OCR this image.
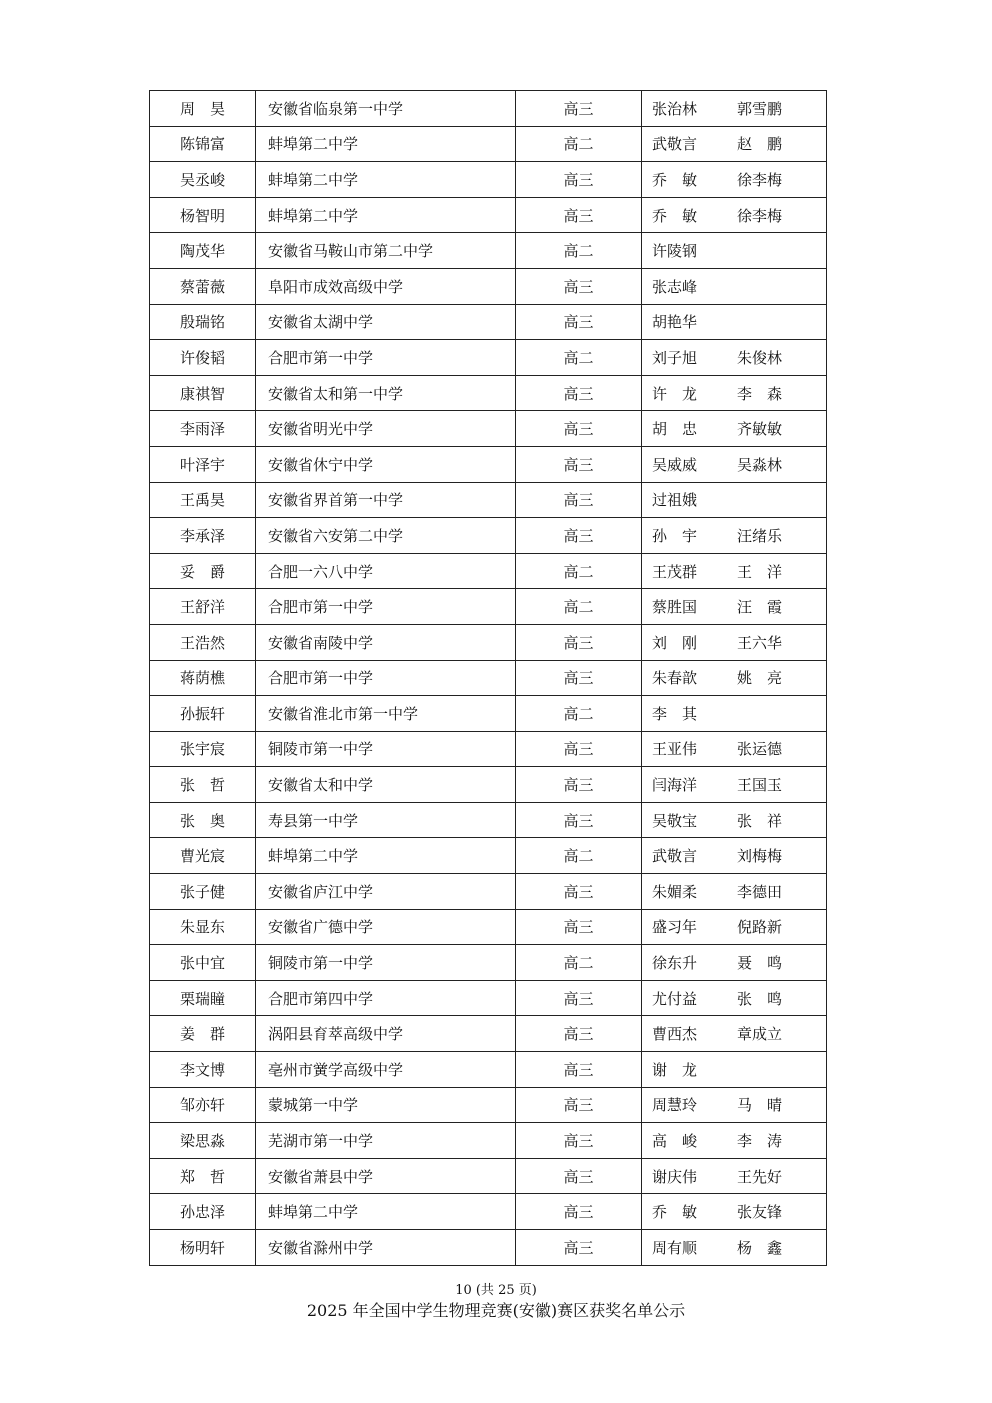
周　昊	安徽省临泉第一中学	高三	张治林 郭雪鹏
陈锦富	蚌埠第二中学	高二	武敬言 赵　鹏
吴丞峻	蚌埠第二中学	高三	乔　敏 徐李梅
杨智明	蚌埠第二中学	高三	乔　敏 徐李梅
陶茂华	安徽省马鞍山市第二中学	高二	许陵钢
蔡蕾薇	阜阳市成效高级中学	高三	张志峰
殷瑞铭	安徽省太湖中学	高三	胡艳华
许俊韬	合肥市第一中学	高二	刘子旭 朱俊林
康祺智	安徽省太和第一中学	高三	许　龙 李　森
李雨泽	安徽省明光中学	高三	胡　忠 齐敏敏
叶泽宇	安徽省休宁中学	高三	吴威威 吴淼林
王禹昊	安徽省界首第一中学	高三	过祖娥
李承泽	安徽省六安第二中学	高三	孙　宇 汪绪乐
妥　爵	合肥一六八中学	高二	王茂群 王　洋
王舒洋	合肥市第一中学	高二	蔡胜国 汪　霞
王浩然	安徽省南陵中学	高三	刘　刚 王六华
蒋荫樵	合肥市第一中学	高三	朱春歆 姚　亮
孙振轩	安徽省淮北市第一中学	高二	李　其
张宇宸	铜陵市第一中学	高三	王亚伟 张运德
张　哲	安徽省太和中学	高三	闫海洋 王国玉
张　奥	寿县第一中学	高三	吴敬宝 张　祥
曹光宸	蚌埠第二中学	高二	武敬言 刘梅梅
张子健	安徽省庐江中学	高三	朱媚柔 李德田
朱显东	安徽省广德中学	高三	盛习年 倪路新
张中宜	铜陵市第一中学	高二	徐东升 聂　鸣
栗瑞瞳	合肥市第四中学	高三	尤付益 张　鸣
姜　群	涡阳县育萃高级中学	高三	曹西杰 章成立
李文博	亳州市黉学高级中学	高三	谢　龙
邹亦轩	蒙城第一中学	高三	周慧玲 马　晴
梁思淼	芜湖市第一中学	高三	高　峻 李　涛
郑　哲	安徽省萧县中学	高三	谢庆伟 王先好
孙忠泽	蚌埠第二中学	高三	乔　敏 张友锋
杨明轩	安徽省滁州中学	高三	周有顺 杨　鑫
10 (共 25 页)
2025 年全国中学生物理竞赛(安徽)赛区获奖名单公示
